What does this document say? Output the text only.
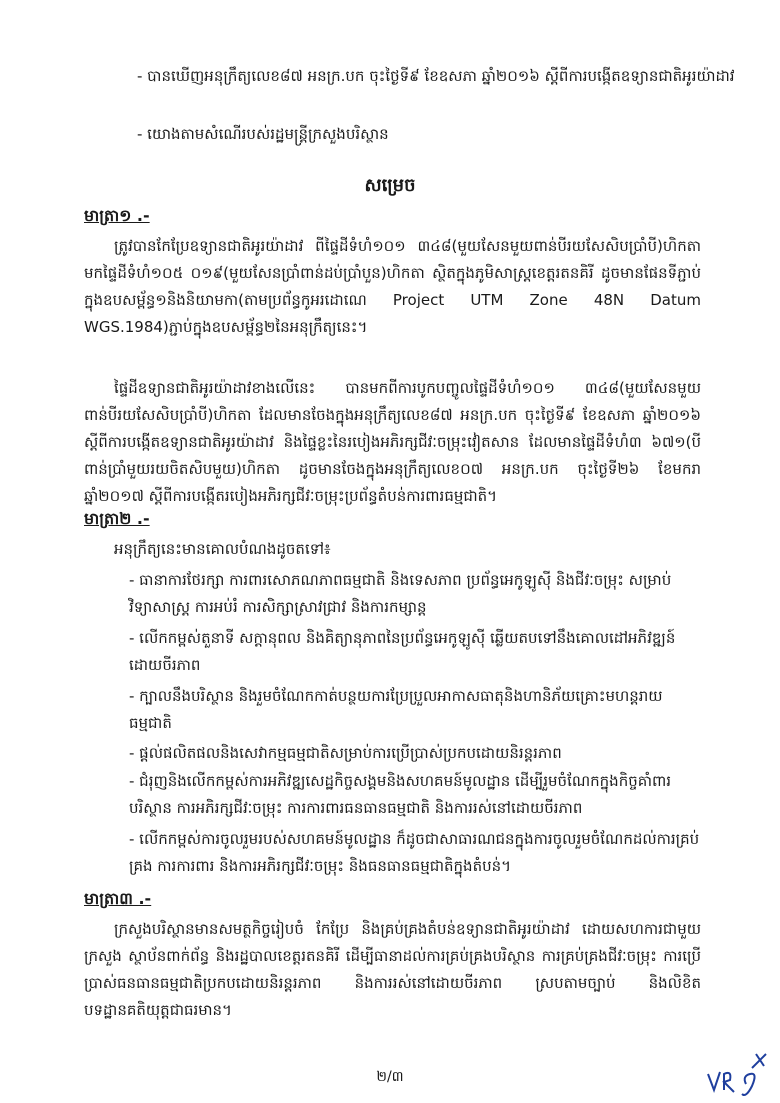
- បានឃើញអនុក្រឹត្យលេខ៨៧ អនក្រ.បក ចុះថ្ងៃទី៩ ខែឧសភា ឆ្នាំ២០១៦ ស្តីពីការបង្កើតឧទ្យានជាតិអូរយ៉ាដាវ
- យោងតាមសំណើរបស់រដ្ឋមន្ត្រីក្រសួងបរិស្ថាន
សម្រេច
មាត្រា១ .-
ត្រូវបានកែប្រែឧទ្យានជាតិអូរយ៉ាដាវ ពីផ្ទៃដីទំហំ១០១ ៣៤៨(មួយសែនមួយពាន់បីរយសែសិបប្រាំបី)ហិកតា មកផ្ទៃដីទំហំ១០៥ ០១៩(មួយសែនប្រាំពាន់ដប់ប្រាំបួន)ហិកតា ស្ថិតក្នុងភូមិសាស្ត្រខេត្តរតនគិរី ដូចមានផែនទីភ្ជាប់ក្នុងឧបសម្ព័ន្ធ១និងនិយាមកា(តាមប្រព័ន្ធកូអរដោណេ Project UTM Zone 48N Datum WGS.1984)ភ្ជាប់ក្នុងឧបសម្ព័ន្ធ២នៃអនុក្រឹត្យនេះ។
ផ្ទៃដីឧទ្យានជាតិអូរយ៉ាដាវខាងលើនេះ បានមកពីការបូកបញ្ចូលផ្ទៃដីទំហំ១០១ ៣៤៨(មួយសែនមួយពាន់បីរយសែសិបប្រាំបី)ហិកតា ដែលមានចែងក្នុងអនុក្រឹត្យលេខ៨៧ អនក្រ.បក ចុះថ្ងៃទី៩ ខែឧសភា ឆ្នាំ២០១៦ ស្តីពីការបង្កើតឧទ្យានជាតិអូរយ៉ាដាវ និងផ្ទៃខ្លះនៃរបៀងអភិរក្សជីវៈចម្រុះវៀតសាន ដែលមានផ្ទៃដីទំហំ៣ ៦៧១(បីពាន់ប្រាំមួយរយចិតសិបមួយ)ហិកតា ដូចមានចែងក្នុងអនុក្រឹត្យលេខ០៧ អនក្រ.បក ចុះថ្ងៃទី២៦ ខែមករា ឆ្នាំ២០១៧ ស្តីពីការបង្កើតរបៀងអភិរក្សជីវៈចម្រុះប្រព័ន្ធតំបន់ការពារធម្មជាតិ។
មាត្រា២ .-
អនុក្រឹត្យនេះមានគោលបំណងដូចតទៅ៖
- ធានាការថែរក្សា ការពារសោភណភាពធម្មជាតិ និងទេសភាព ប្រព័ន្ធអេកូឡូស៊ី និងជីវៈចម្រុះ សម្រាប់វិទ្យាសាស្ត្រ ការអប់រំ ការសិក្សាស្រាវជ្រាវ និងការកម្សាន្ត
- លើកកម្ពស់តួនាទី សក្តានុពល និងគិត្យានុភាពនៃប្រព័ន្ធអេកូឡូស៊ី ឆ្លើយតបទៅនឹងគោលដៅអភិវឌ្ឍន៍ដោយចីរភាព
- ក្បាលនឹងបរិស្ថាន និងរួមចំណែកកាត់បន្ថយការប្រែប្រួលអាកាសធាតុនិងហានិភ័យគ្រោះមហន្តរាយធម្មជាតិ
- ផ្តល់ផលិតផលនិងសេវាកម្មធម្មជាតិសម្រាប់ការប្រើប្រាស់ប្រកបដោយនិរន្តរភាព
- ជំរុញនិងលើកកម្ពស់ការអភិវឌ្ឍសេដ្ឋកិច្ចសង្គមនិងសហគមន៍មូលដ្ឋាន ដើម្បីរួមចំណែកក្នុងកិច្ចគាំពារបរិស្ថាន ការអភិរក្សជីវៈចម្រុះ ការការពារធនធានធម្មជាតិ និងការរស់នៅដោយចីរភាព
- លើកកម្ពស់ការចូលរួមរបស់សហគមន៍មូលដ្ឋាន ក៏ដូចជាសាធារណជនក្នុងការចូលរួមចំណែកដល់ការគ្រប់គ្រង ការការពារ និងការអភិរក្សជីវៈចម្រុះ និងធនធានធម្មជាតិក្នុងតំបន់។
មាត្រា៣ .-
ក្រសួងបរិស្ថានមានសមត្ថកិច្ចរៀបចំ កែប្រែ និងគ្រប់គ្រងតំបន់ឧទ្យានជាតិអូរយ៉ាដាវ ដោយសហការជាមួយក្រសួង ស្ថាប័នពាក់ព័ន្ធ និងរដ្ឋបាលខេត្តរតនគិរី ដើម្បីធានាដល់ការគ្រប់គ្រងបរិស្ថាន ការគ្រប់គ្រងជីវៈចម្រុះ ការប្រើប្រាស់ធនធានធម្មជាតិប្រកបដោយនិរន្តរភាព និងការរស់នៅដោយចីរភាព ស្របតាមច្បាប់ និងលិខិតបទដ្ឋានគតិយុត្តជាធរមាន។
២/៣
